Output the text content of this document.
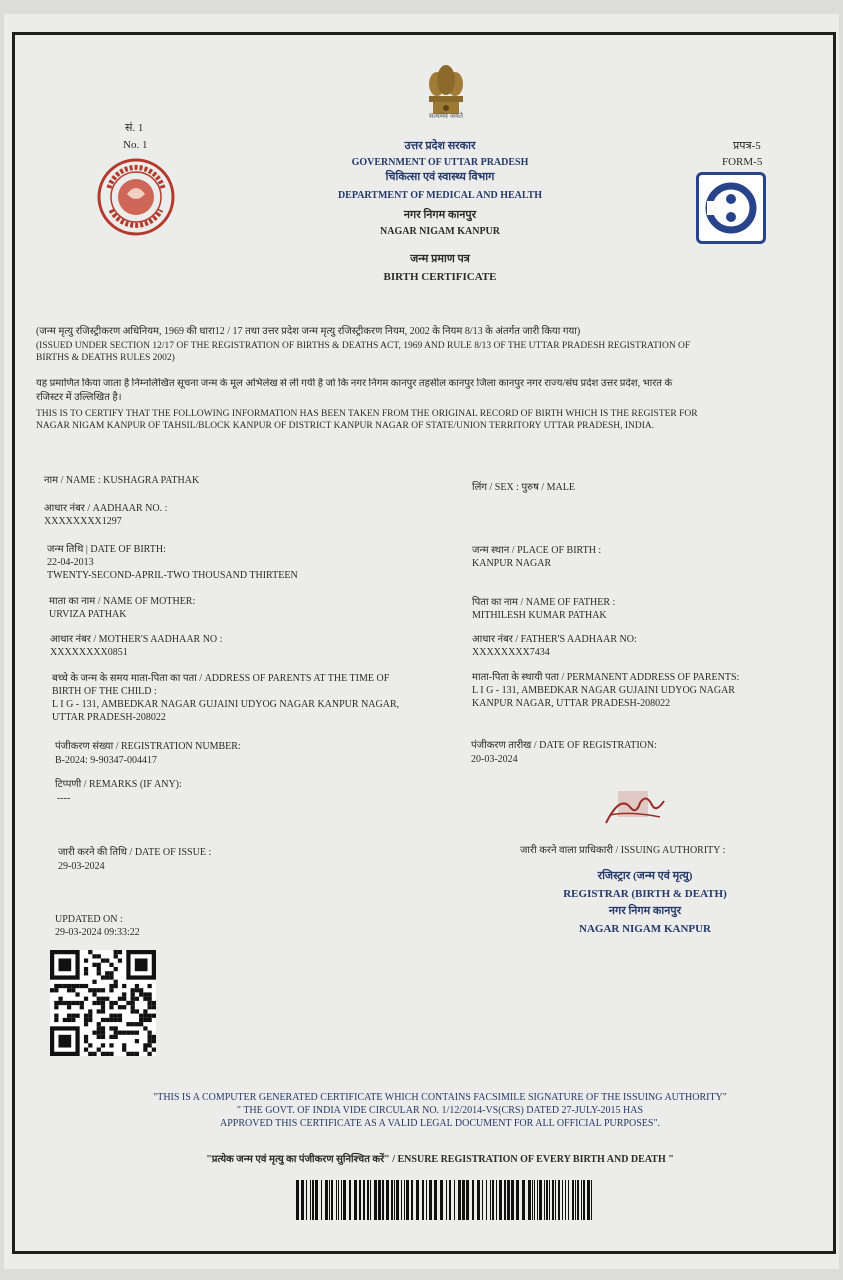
सत्यमेव जयते
सं. 1
No. 1	उत्तर प्रदेश सरकार
GOVERNMENT OF UTTAR PRADESH
चिकित्सा एवं स्वास्थ्य विभाग
DEPARTMENT OF MEDICAL AND HEALTH
नगर निगम कानपुर
NAGAR NIGAM KANPUR
जन्म प्रमाण पत्र
BIRTH CERTIFICATE
प्रपत्र-5
FORM-5
(जन्म मृत्यु रजिस्ट्रीकरण अधिनियम, 1969 की धारा12 / 17 तथा उत्तर प्रदेश जन्म मृत्यु रजिस्ट्रीकरण नियम, 2002 के नियम 8/13 के अंतर्गत जारी किया गया)
(ISSUED UNDER SECTION 12/17 OF THE REGISTRATION OF BIRTHS & DEATHS ACT, 1969 AND RULE 8/13 OF THE UTTAR PRADESH REGISTRATION OF
BIRTHS & DEATHS RULES 2002)
यह प्रमाणित किया जाता है निम्नलिखित सूचना जन्म के मूल अभिलेख से ली गयी है जो कि नगर निगम कानपुर तहसील कानपुर जिला कानपुर नगर राज्य/संघ प्रदेश उत्तर प्रदेश, भारत के
रजिस्टर में उल्लिखित है।
THIS IS TO CERTIFY THAT THE FOLLOWING INFORMATION HAS BEEN TAKEN FROM THE ORIGINAL RECORD OF BIRTH WHICH IS THE REGISTER FOR
NAGAR NIGAM KANPUR OF TAHSIL/BLOCK KANPUR OF DISTRICT KANPUR NAGAR OF STATE/UNION TERRITORY UTTAR PRADESH, INDIA.
नाम / NAME : KUSHAGRA PATHAK
आधार नंबर / AADHAAR NO. :
XXXXXXXX1297
जन्म तिथि | DATE OF BIRTH:
22-04-2013
TWENTY-SECOND-APRIL-TWO THOUSAND THIRTEEN
माता का नाम / NAME OF MOTHER:
URVIZA PATHAK
आधार नंबर / MOTHER'S AADHAAR NO :
XXXXXXXX0851
बच्चे के जन्म के समय माता-पिता का पता / ADDRESS OF PARENTS AT THE TIME OF
BIRTH OF THE CHILD :
L I G - 131, AMBEDKAR NAGAR GUJAINI UDYOG NAGAR KANPUR NAGAR,
UTTAR PRADESH-208022
पंजीकरण संख्या / REGISTRATION NUMBER:
B-2024: 9-90347-004417
टिप्पणी / REMARKS (IF ANY):
----
जारी करने की तिथि / DATE OF ISSUE :
29-03-2024
UPDATED ON :
29-03-2024 09:33:22
लिंग / SEX : पुरुष / MALE
जन्म स्थान / PLACE OF BIRTH :
KANPUR NAGAR
पिता का नाम / NAME OF FATHER :
MITHILESH KUMAR PATHAK
आधार नंबर / FATHER'S AADHAAR NO:
XXXXXXXX7434
माता-पिता के स्थायी पता / PERMANENT ADDRESS OF PARENTS:
L I G - 131, AMBEDKAR NAGAR GUJAINI UDYOG NAGAR
KANPUR NAGAR, UTTAR PRADESH-208022
पंजीकरण तारीख / DATE OF REGISTRATION:
20-03-2024
जारी करने वाला प्राधिकारी / ISSUING AUTHORITY :
रजिस्ट्रार (जन्म एवं मृत्यु)
REGISTRAR (BIRTH & DEATH)
नगर निगम कानपुर
NAGAR NIGAM KANPUR
"THIS IS A COMPUTER GENERATED CERTIFICATE WHICH CONTAINS FACSIMILE SIGNATURE OF THE ISSUING AUTHORITY"
" THE GOVT. OF INDIA VIDE CIRCULAR NO. 1/12/2014-VS(CRS) DATED 27-JULY-2015 HAS
APPROVED THIS CERTIFICATE AS A VALID LEGAL DOCUMENT FOR ALL OFFICIAL PURPOSES".
"प्रत्येक जन्म एवं मृत्यु का पंजीकरण सुनिश्चित करें" / ENSURE REGISTRATION OF EVERY BIRTH AND DEATH "
